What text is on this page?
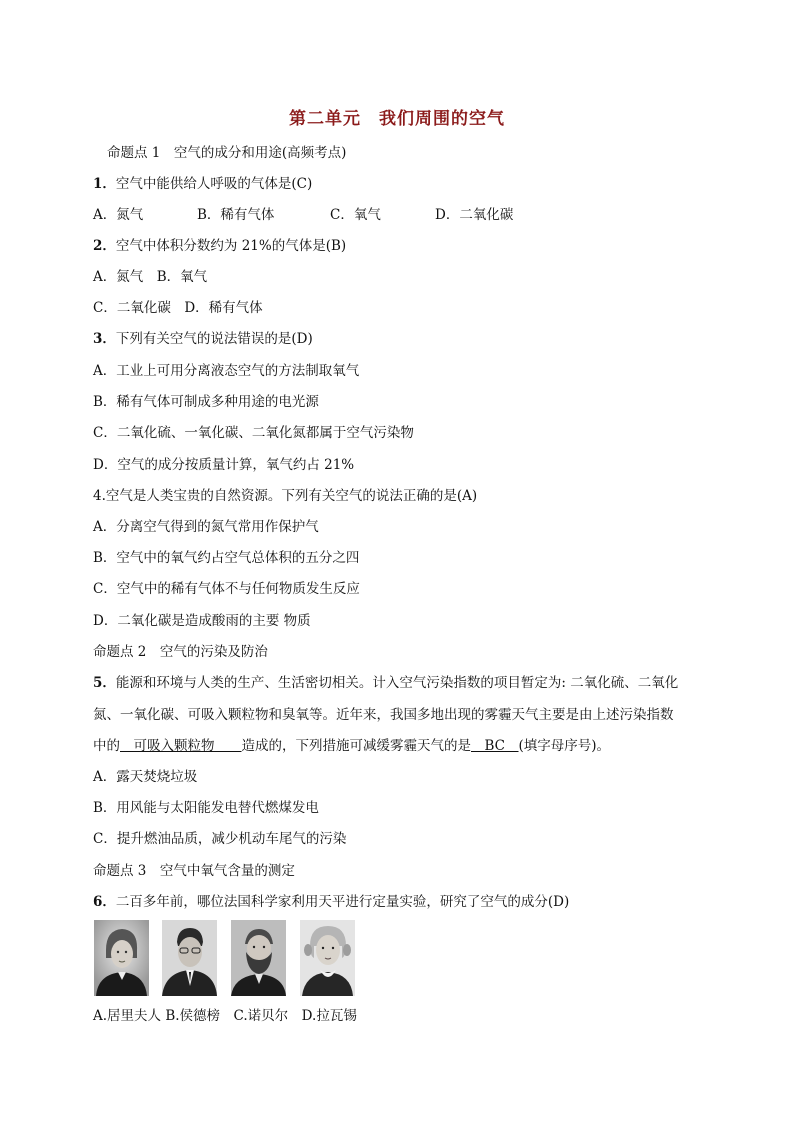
第二单元　我们周围的空气
命题点 1　空气的成分和用途(高频考点)
1．空气中能供给人呼吸的气体是(C)
A．氮气	B．稀有气体	C．氧气	D．二氧化碳
2．空气中体积分数约为 21%的气体是(B)
A．氮气　B．氧气
C．二氧化碳　D．稀有气体
3．下列有关空气的说法错误的是(D)
A．工业上可用分离液态空气的方法制取氧气
B．稀有气体可制成多种用途的电光源
C．二氧化硫、一氧化碳、二氧化氮都属于空气污染物
D．空气的成分按质量计算，氧气约占 21%
4.空气是人类宝贵的自然资源。下列有关空气的说法正确的是(A)
A．分离空气得到的氮气常用作保护气
B．空气中的氧气约占空气总体积的五分之四
C．空气中的稀有气体不与任何物质发生反应
D．二氧化碳是造成酸雨的主要 物质
命题点 2　空气的污染及防治
5．能源和环境与人类的生产、生活密切相关。计入空气污染指数的项目暂定为: 二氧化硫、二氧化
氮、一氧化碳、可吸入颗粒物和臭氧等。近年来，我国多地出现的雾霾天气主要是由上述污染指数
中的＿可吸入颗粒物＿＿造成的，下列措施可减缓雾霾天气的是＿BC＿(填字母序号)。
A．露天焚烧垃圾
B．用风能与太阳能发电替代燃煤发电
C．提升燃油品质，减少机动车尾气的污染
命题点 3　空气中氧气含量的测定
6．二百多年前，哪位法国科学家利用天平进行定量实验，研究了空气的成分(D)
A.居里夫人 B.侯德榜　C.诺贝尔　D.拉瓦锡
